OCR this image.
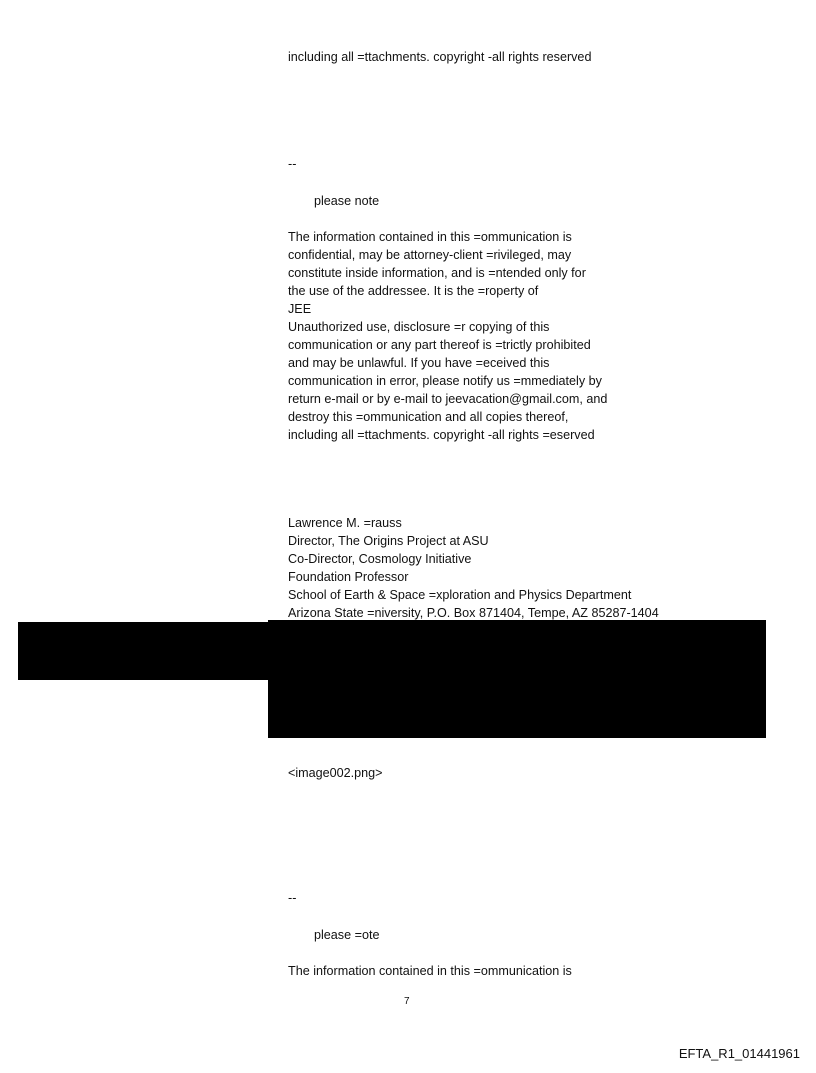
including all =ttachments. copyright -all rights reserved

--

please note

The information contained in this =ommunication is
confidential, may be attorney-client =rivileged, may
constitute inside information, and is =ntended only for
the use of the addressee. It is the =roperty of
JEE
Unauthorized use, disclosure =r copying of this
communication or any part thereof is =trictly prohibited
and may be unlawful. If you have =eceived this
communication in error, please notify us =mmediately by
return e-mail or by e-mail to jeevacation@gmail.com, and
destroy this =ommunication and all copies thereof,
including all =ttachments. copyright -all rights =eserved
Lawrence M. =rauss
Director, The Origins Project at ASU
Co-Director, Cosmology Initiative
Foundation Professor
School of Earth & Space =xploration and Physics Department
Arizona State =niversity, P.O. Box 871404, Tempe, AZ 85287-1404

<image002.png>

--

please =ote

The information contained in this =ommunication is

7
EFTA_R1_01441961
